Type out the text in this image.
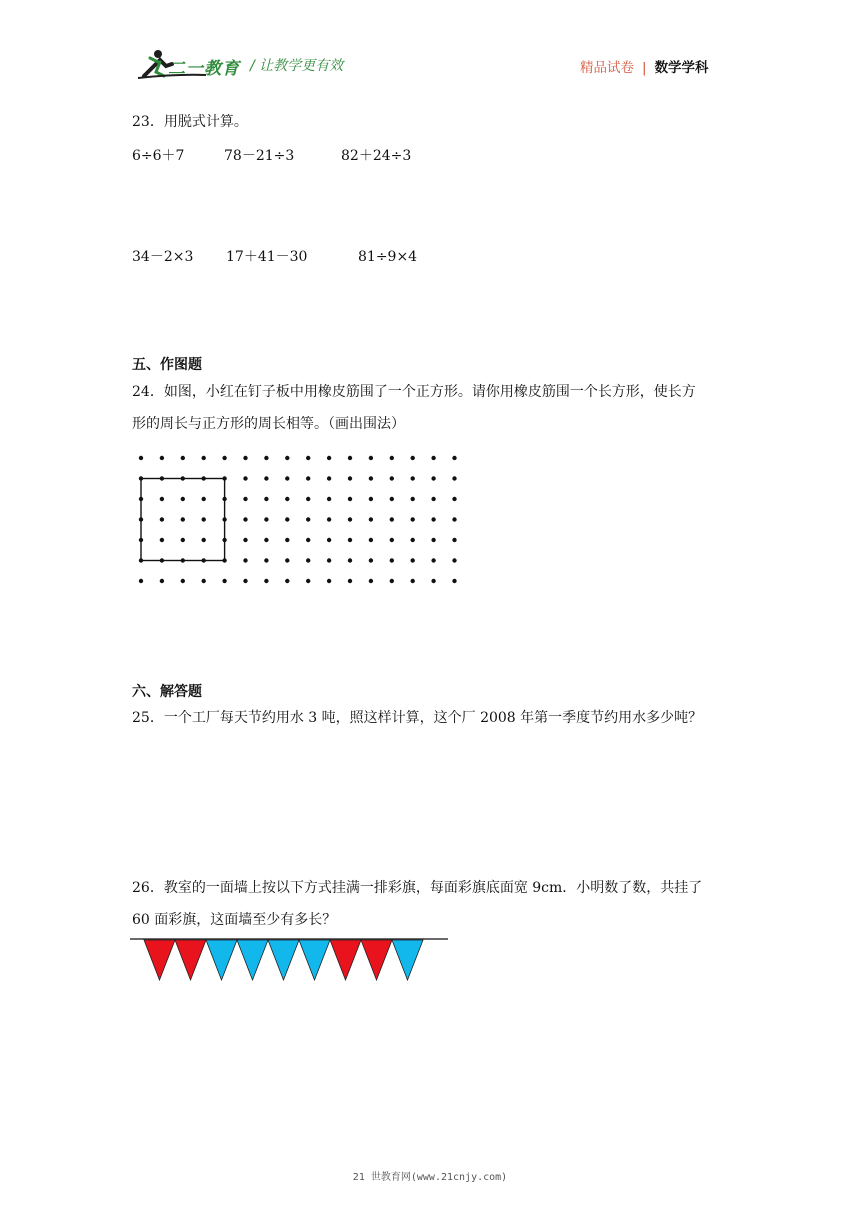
二一教育 / 让教学更有效	精品试卷 | 数学学科
23．用脱式计算。
6÷6＋7	78－21÷3	82＋24÷3
34－2×3 17＋41－30	81÷9×4
五、作图题
24．如图，小红在钉子板中用橡皮筋围了一个正方形。请你用橡皮筋围一个长方形，使长方
形的周长与正方形的周长相等。（画出围法）
六、解答题
25．一个工厂每天节约用水 3 吨，照这样计算，这个厂 2008 年第一季度节约用水多少吨？
26．教室的一面墙上按以下方式挂满一排彩旗，每面彩旗底面宽 9cm．小明数了数，共挂了
60 面彩旗，这面墙至少有多长？
21 世教育网(www.21cnjy.com)
